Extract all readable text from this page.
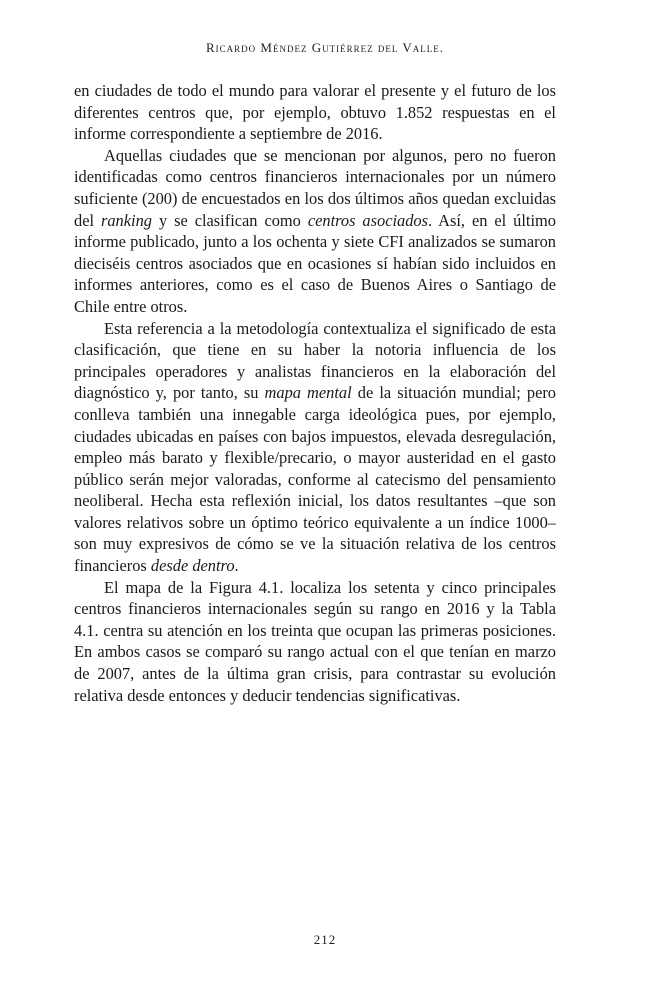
Ricardo Méndez Gutiérrez del Valle.

en ciudades de todo el mundo para valorar el presente y el futuro de los diferentes centros que, por ejemplo, obtuvo 1.852 respuestas en el informe correspondiente a septiembre de 2016.

Aquellas ciudades que se mencionan por algunos, pero no fueron identificadas como centros financieros internacionales por un número suficiente (200) de encuestados en los dos últimos años quedan excluidas del ranking y se clasifican como centros asociados. Así, en el último informe publicado, junto a los ochenta y siete CFI analizados se sumaron dieciséis centros asociados que en ocasiones sí habían sido incluidos en informes anteriores, como es el caso de Buenos Aires o Santiago de Chile entre otros.

Esta referencia a la metodología contextualiza el significado de esta clasificación, que tiene en su haber la notoria influencia de los principales operadores y analistas financieros en la elaboración del diagnóstico y, por tanto, su mapa mental de la situación mundial; pero conlleva también una innegable carga ideológica pues, por ejemplo, ciudades ubicadas en países con bajos impuestos, elevada desregulación, empleo más barato y flexible/precario, o mayor austeridad en el gasto público serán mejor valoradas, conforme al catecismo del pensamiento neoliberal. Hecha esta reflexión inicial, los datos resultantes –que son valores relativos sobre un óptimo teórico equivalente a un índice 1000– son muy expresivos de cómo se ve la situación relativa de los centros financieros desde dentro.

El mapa de la Figura 4.1. localiza los setenta y cinco principales centros financieros internacionales según su rango en 2016 y la Tabla 4.1. centra su atención en los treinta que ocupan las primeras posiciones. En ambos casos se comparó su rango actual con el que tenían en marzo de 2007, antes de la última gran crisis, para contrastar su evolución relativa desde entonces y deducir tendencias significativas.

212
